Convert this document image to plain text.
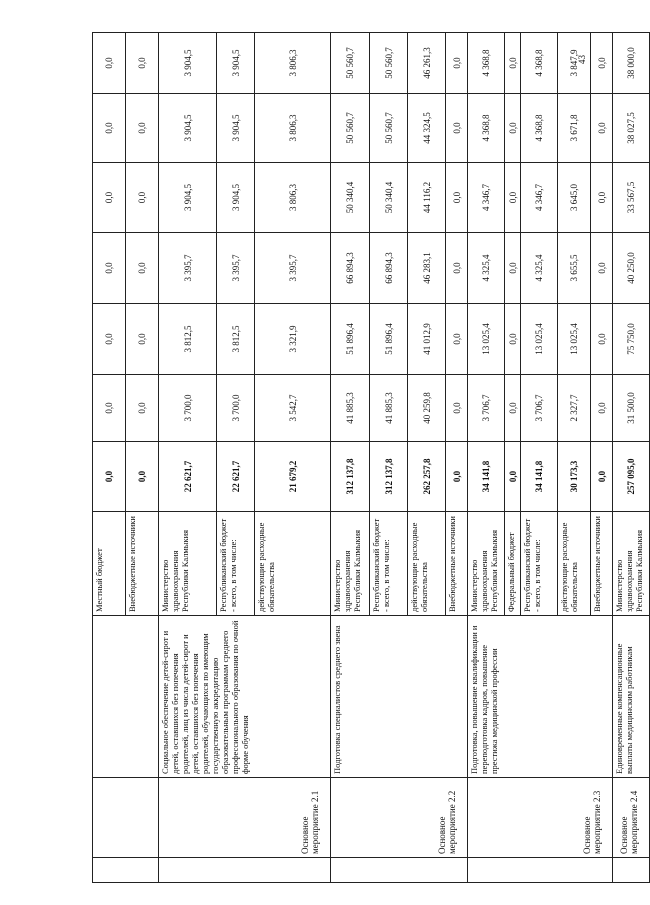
43
			Местный бюджет	0,0	0,0	0,0	0,0	0,0	0,0	0,0	
			Внебюджетные источники	0,0	0,0	0,0	0,0	0,0	0,0	0,0	
	Основное мероприятие 2.1	Социальное обеспечение детей-сирот и детей, оставшихся без попечения родителей, лиц из числа детей-сирот и детей, оставшихся без попечения родителей, обучающихся по имеющим государственную аккредитацию образовательным программам среднего профессионального образования по очной форме обучения	Министерство здравоохранения Республики Калмыкия	22 621,7	3 700,0	3 812,5	3 395,7	3 904,5	3 904,5	3 904,5	
			Республиканский бюджет - всего, в том числе:	22 621,7	3 700,0	3 812,5	3 395,7	3 904,5	3 904,5	3 904,5	
			действующие расходные обязательства	21 679,2	3 542,7	3 321,9	3 395,7	3 806,3	3 806,3	3 806,3	
	Основное мероприятие 2.2	Подготовка специалистов среднего звена	Министерство здравоохранения Республики Калмыкия	312 137,8	41 885,3	51 896,4	66 894,3	50 340,4	50 560,7	50 560,7	
			Республиканский бюджет - всего, в том числе:	312 137,8	41 885,3	51 896,4	66 894,3	50 340,4	50 560,7	50 560,7	
			действующие расходные обязательства	262 257,8	40 259,8	41 012,9	46 283,1	44 116,2	44 324,5	46 261,3	
			Внебюджетные источники	0,0	0,0	0,0	0,0	0,0	0,0	0,0	
	Основное мероприятие 2.3	Подготовка, повышение квалификации и переподготовка кадров, повышение престижа медицинской профессии	Министерство здравоохранения Республики Калмыкия	34 141,8	3 706,7	13 025,4	4 325,4	4 346,7	4 368,8	4 368,8	
			Федеральный бюджет	0,0	0,0	0,0	0,0	0,0	0,0	0,0	
			Республиканский бюджет - всего, в том числе:	34 141,8	3 706,7	13 025,4	4 325,4	4 346,7	4 368,8	4 368,8	
			действующие расходные обязательства	30 173,3	2 327,7	13 025,4	3 655,5	3 645,0	3 671,8	3 847,9	
			Внебюджетные источники	0,0	0,0	0,0	0,0	0,0	0,0	0,0	
	Основное мероприятие 2.4	Единовременные компенсационные выплаты медицинским работникам	Министерство здравоохранения Республики Калмыкия	257 095,0	31 500,0	75 750,0	40 250,0	33 567,5	38 027,5	38 000,0	
